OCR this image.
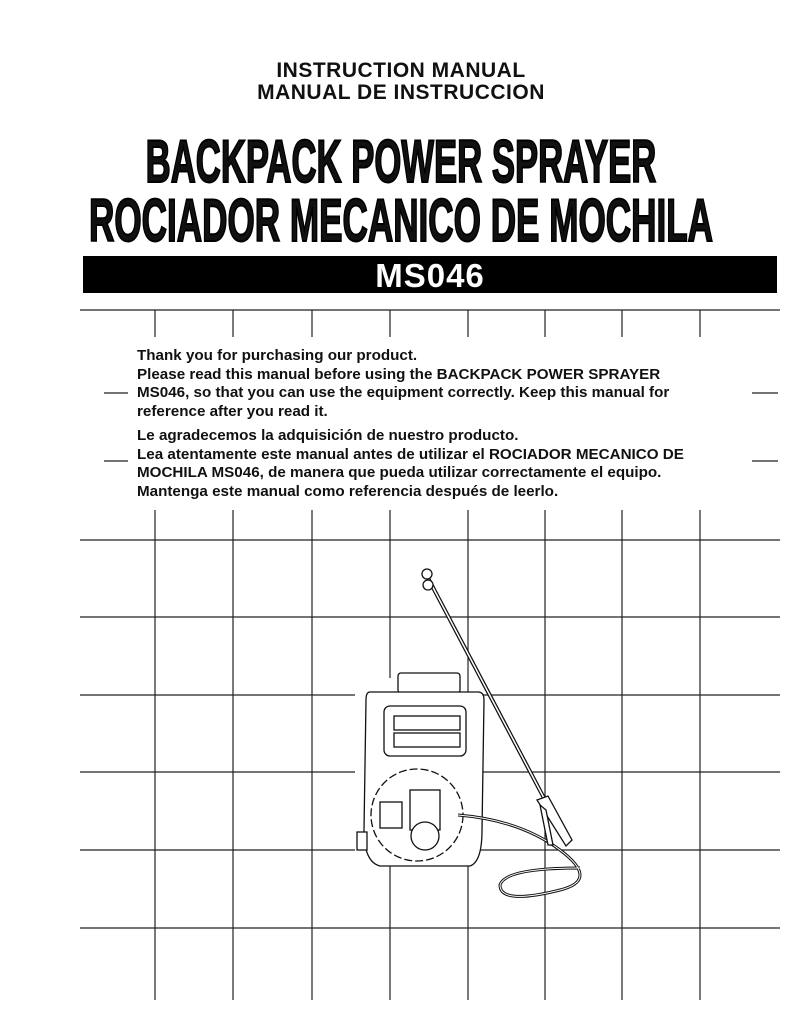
INSTRUCTION MANUAL
MANUAL DE INSTRUCCION
BACKPACK POWER SPRAYER
ROCIADOR MECANICO DE MOCHILA
MS046
Thank you for purchasing our product.
Please read this manual before using the BACKPACK POWER SPRAYER
MS046, so that you can use the equipment correctly. Keep this manual for
reference after you read it.
Le agradecemos la adquisición de nuestro producto.
Lea atentamente este manual antes de utilizar el ROCIADOR MECANICO DE
MOCHILA MS046, de manera que pueda utilizar correctamente el equipo.
Mantenga este manual como referencia después de leerlo.
